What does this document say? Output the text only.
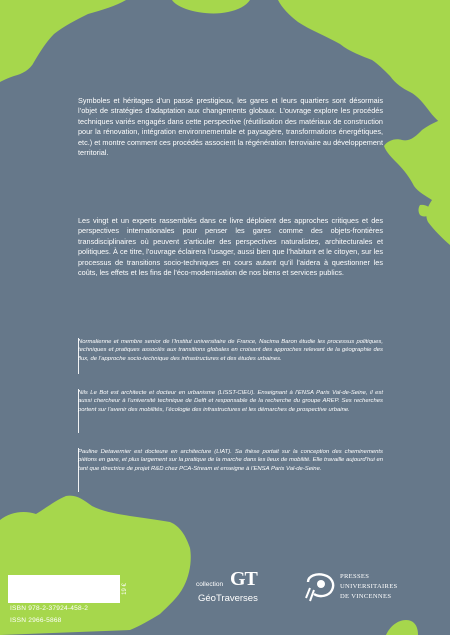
Symboles et héritages d’un passé prestigieux, les gares et leurs quartiers sont désormais l’objet de stratégies d’adaptation aux changements globaux. L’ouvrage explore les procédés techniques variés engagés dans cette perspective (réutilisation des matériaux de construction pour la rénovation, intégration environnementale et paysagère, transformations énergétiques, etc.) et montre comment ces procédés associent la régénération ferroviaire au développement territorial.

Les vingt et un experts rassemblés dans ce livre déploient des approches critiques et des perspectives internationales pour penser les gares comme des objets-frontières transdisciplinaires où peuvent s’articuler des perspectives naturalistes, architecturales et politiques. À ce titre, l’ouvrage éclairera l’usager, aussi bien que l’habitant et le citoyen, sur les processus de transitions socio-techniques en cours autant qu’il l’aidera à questionner les coûts, les effets et les fins de l’éco-modernisation de nos biens et services publics.

Normalienne et membre senior de l’Institut universitaire de France, Nacima Baron étudie les processus politiques, techniques et pratiques associés aux transitions globales en croisant des approches relevant de la géographie des flux, de l’approche socio-technique des infrastructures et des études urbaines.

Nils Le Bot est architecte et docteur en urbanisme (LISST-CIEU). Enseignant à l’ENSA Paris Val-de-Seine, il est aussi chercheur à l’université technique de Delft et responsable de la recherche du groupe AREP. Ses recherches portent sur l’avenir des mobilités, l’écologie des infrastructures et les démarches de prospective urbaine.

Pauline Detavernier est docteure en architecture (LIAT). Sa thèse portait sur la conception des cheminements piétons en gare, et plus largement sur la pratique de la marche dans les lieux de mobilité. Elle travaille aujourd’hui en tant que directrice de projet R&D chez PCA-Stream et enseigne à l’ENSA Paris Val-de-Seine.

19 €
ISBN 978-2-37924-458-2
ISSN 2966-5868
collection GT
GéoTraverses
PRESSES
UNIVERSITAIRES
DE VINCENNES
